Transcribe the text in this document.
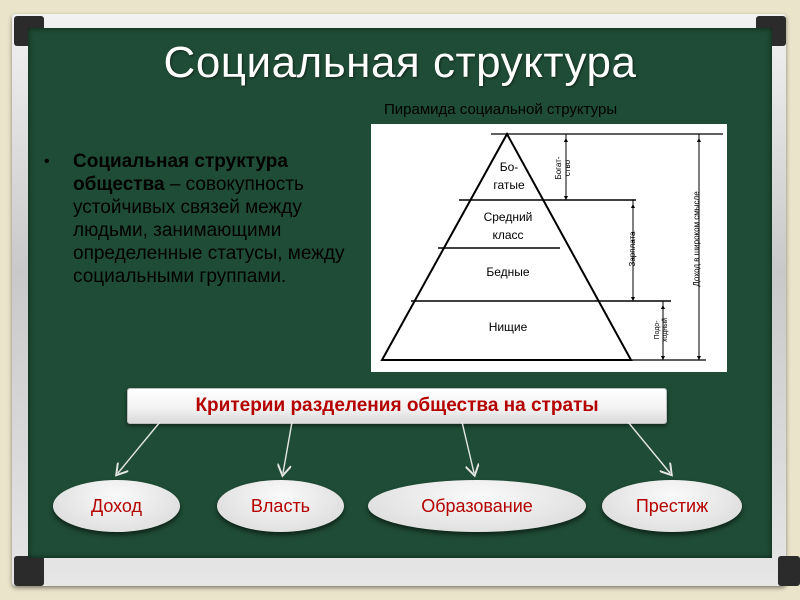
Социальная структура
Пирамида социальной структуры
Бо-
гатые
Средний
класс
Бедные
Нищие
▲
▼
Богат- ство
▲
▼
Зарплата
▲
▼
Подо- ходный
▲
▼
Доход в широком смысле
• Социальная структура общества – совокупность устойчивых связей между людьми, занимающими определенные статусы, между социальными группами.
Критерии разделения общества на страты
Доход	Власть	Образование	Престиж
